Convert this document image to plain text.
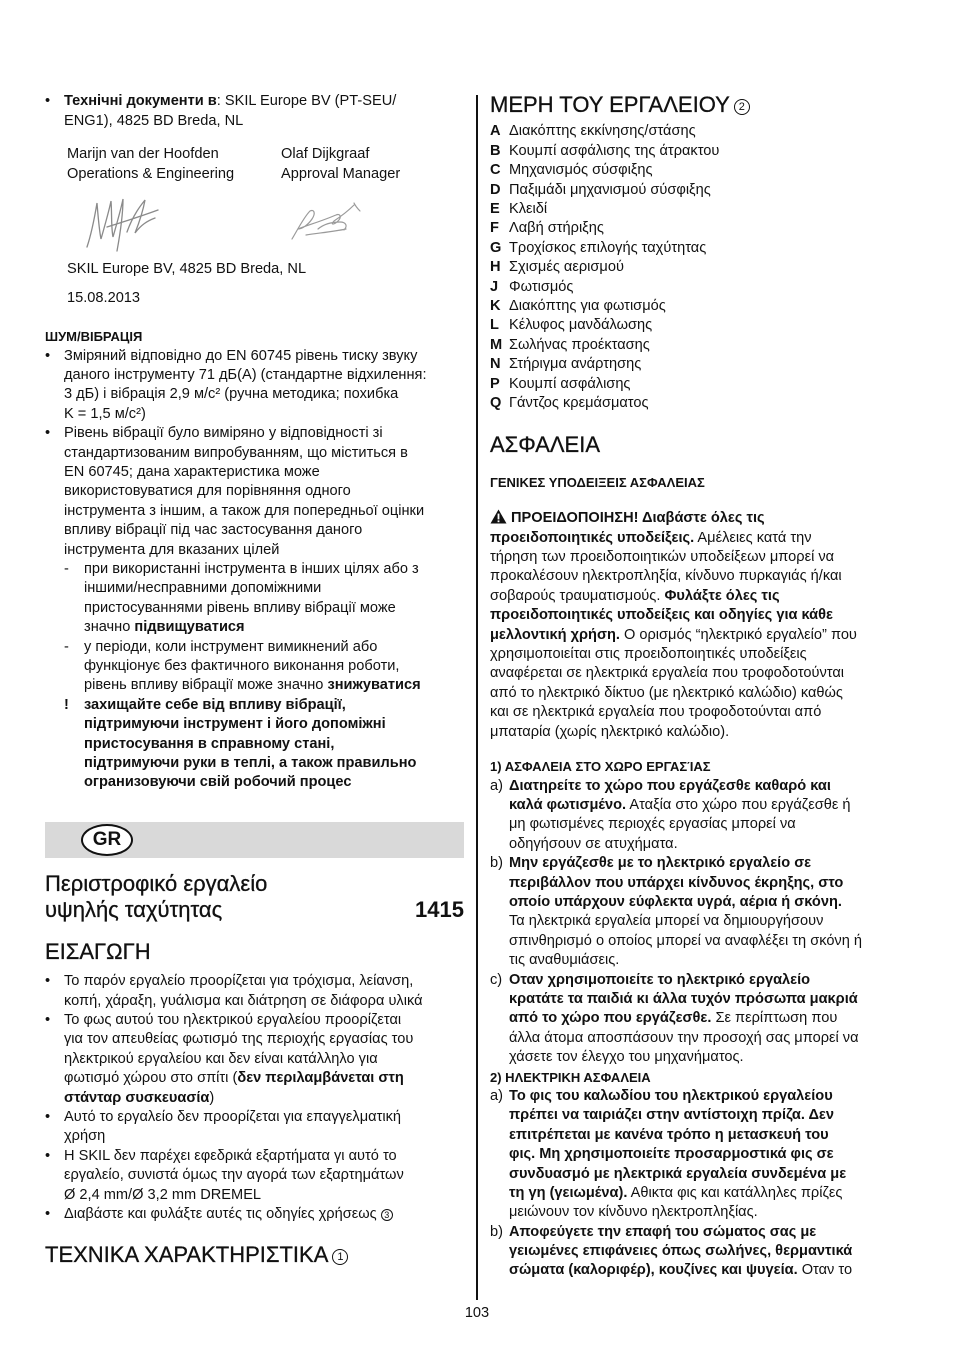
• Технічні документи в: SKIL Europe BV (PT-SEU/
ENG1), 4825 BD Breda, NL
Marijn van der Hoofden
Operations & Engineering
Olaf Dijkgraaf
Approval Manager
SKIL Europe BV, 4825 BD Breda, NL
15.08.2013
ШУМ/ВІБРАЦІЯ
• Зміряний відповідно до EN 60745 рівень тиску звуку
даного інструменту 71 дБ(А) (стандартне відхилення:
3 дБ) і вібрація 2,9 м/с² (ручна методика; похибка
K = 1,5 м/с²)
• Рівень вібрації було виміряно у відповідності зі
стандартизованим випробуванням, що міститься в
EN 60745; дана характеристика може
використовуватися для порівняння одного
інструмента з іншим, а також для попередньої оцінки
впливу вібрації під час застосування даного
інструмента для вказаних цілей
-	при використанні інструмента в інших цілях або з
іншими/несправними допоміжними
пристосуваннями рівень впливу вібрації може
значно підвищуватися
-	у періоди, коли інструмент вимикнений або
функціонує без фактичного виконання роботи,
рівень впливу вібрації може значно знижуватися
!	захищайте себе від впливу вібрації,
підтримуючи інструмент і його допоміжні
пристосування в справному стані,
підтримуючи руки в теплі, а також правильно
огранизовуючи свій робочий процес
GR
Περιστροφικό εργαλείο
υψηλής ταχύτητας	1415
ΕΙΣΑΓΩΓΗ
• Το παρόν εργαλείο προορίζεται για τρόχισμα, λείανση,
κοπή, χάραξη, γυάλισμα και διάτρηση σε διάφορα υλικά
• Το φως αυτού του ηλεκτρικού εργαλείου προορίζεται
για τον απευθείας φωτισμό της περιοχής εργασίας του
ηλεκτρικού εργαλείου και δεν είναι κατάλληλο για
φωτισμό χώρου στο σπίτι (δεν περιλαμβάνεται στη
στάνταρ συσκευασία)
• Αυτό το εργαλείο δεν προορίζεται για επαγγελματική
χρήση
• Η SKIL δεν παρέχει εφεδρικά εξαρτήματα γι αυτό το
εργαλείο, συνιστά όμως την αγορά των εξαρτημάτων
Ø 2,4 mm/Ø 3,2 mm DREMEL
• Διαβάστε και φυλάξτε αυτές τις οδηγίες χρήσεως 3
ΤΕΧΝΙΚΑ ΧΑΡΑΚΤΗΡΙΣΤΙΚΑ 1
ΜΕΡΗ ΤΟΥ ΕΡΓΑΛΕΙΟΥ 2
A Διακόπτης εκκίνησης/στάσης
B Κουμπί ασφάλισης της άτρακτου
C Μηχανισμός σύσφιξης
D Παξιμάδι μηχανισμού σύσφιξης
E Κλειδί
F Λαβή στήριξης
G Τροχίσκος επιλογής ταχύτητας
H Σχισμές αερισμού
J Φωτισμός
K Διακόπτης για φωτισμός
L Κέλυφος μανδάλωσης
M Σωλήνας προέκτασης
N Στήριγμα ανάρτησης
P Κουμπί ασφάλισης
Q Γάντζος κρεμάσματος
ΑΣΦΑΛΕΙΑ
ΓΕΝΙΚΕΣ ΥΠΟΔΕΙΞΕΙΣ ΑΣΦΑΛΕΙΑΣ
ΠΡΟΕΙΔΟΠΟΙΗΣΗ! Διαβάστε όλες τις
προειδοποιητικές υποδείξεις. Αμέλειες κατά την
τήρηση των προειδοποιητικών υποδείξεων μπορεί να
προκαλέσουν ηλεκτροπληξία, κίνδυνο πυρκαγιάς ή/και
σοβαρούς τραυματισμούς. Φυλάξτε όλες τις
προειδοποιητικές υποδείξεις και οδηγίες για κάθε
μελλοντική χρήση. Ο ορισμός “ηλεκτρικό εργαλείο” που
χρησιμοποιείται στις προειδοποιητικές υποδείξεις
αναφέρεται σε ηλεκτρικά εργαλεία που τροφοδοτούνται
από το ηλεκτρικό δίκτυο (με ηλεκτρικό καλώδιο) καθώς
και σε ηλεκτρικά εργαλεία που τροφοδοτούνται από
μπαταρία (χωρίς ηλεκτρικό καλώδιο).
1) ΑΣΦΑΛΕΙΑ ΣΤΟ ΧΩΡΟ ΕΡΓΑΣΊΑΣ
a) Διατηρείτε το χώρο που εργάζεσθε καθαρό και
καλά φωτισμένο. Αταξία στο χώρο που εργάζεσθε ή
μη φωτισμένες περιοχές εργασίας μπορεί να
οδηγήσουν σε ατυχήματα.
b) Μην εργάζεσθε με το ηλεκτρικό εργαλείο σε
περιβάλλον που υπάρχει κίνδυνος έκρηξης, στο
οποίο υπάρχουν εύφλεκτα υγρά, αέρια ή σκόνη.
Τα ηλεκτρικά εργαλεία μπορεί να δημιουργήσουν
σπινθηρισμό ο οποίος μπορεί να αναφλέξει τη σκόνη ή
τις αναθυμιάσεις.
c) Οταν χρησιμοποιείτε το ηλεκτρικό εργαλείο
κρατάτε τα παιδιά κι άλλα τυχόν πρόσωπα μακριά
από το χώρο που εργάζεσθε. Σε περίπτωση που
άλλα άτομα αποσπάσουν την προσοχή σας μπορεί να
χάσετε τον έλεγχο του μηχανήματος.
2) ΗΛΕΚΤΡΙΚΗ ΑΣΦΑΛΕΙΑ
a) Το φις του καλωδίου του ηλεκτρικού εργαλείου
πρέπει να ταιριάζει στην αντίστοιχη πρίζα. Δεν
επιτρέπεται με κανένα τρόπο η μετασκευή του
φις. Μη χρησιμοποιείτε προσαρμοστικά φις σε
συνδυασμό με ηλεκτρικά εργαλεία συνδεμένα με
τη γη (γειωμένα). Αθικτα φις και κατάλληλες πρίζες
μειώνουν τον κίνδυνο ηλεκτροπληξίας.
b) Αποφεύγετε την επαφή του σώματος σας με
γειωμένες επιφάνειες όπως σωλήνες, θερμαντικά
σώματα (καλοριφέρ), κουζίνες και ψυγεία. Οταν το
103
